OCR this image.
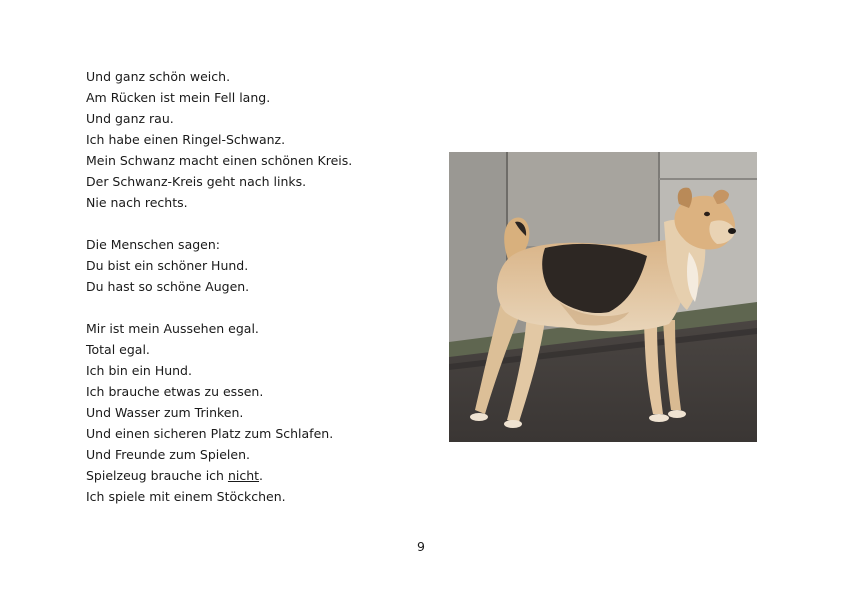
Und ganz schön weich.
Am Rücken ist mein Fell lang.
Und ganz rau.
Ich habe einen Ringel-Schwanz.
Mein Schwanz macht einen schönen Kreis.
Der Schwanz-Kreis geht nach links.
Nie nach rechts.
Die Menschen sagen:
Du bist ein schöner Hund.
Du hast so schöne Augen.
Mir ist mein Aussehen egal.
Total egal.
Ich bin ein Hund.
Ich brauche etwas zu essen.
Und Wasser zum Trinken.
Und einen sicheren Platz zum Schlafen.
Und Freunde zum Spielen.
Spielzeug brauche ich nicht.
Ich spiele mit einem Stöckchen.
9
